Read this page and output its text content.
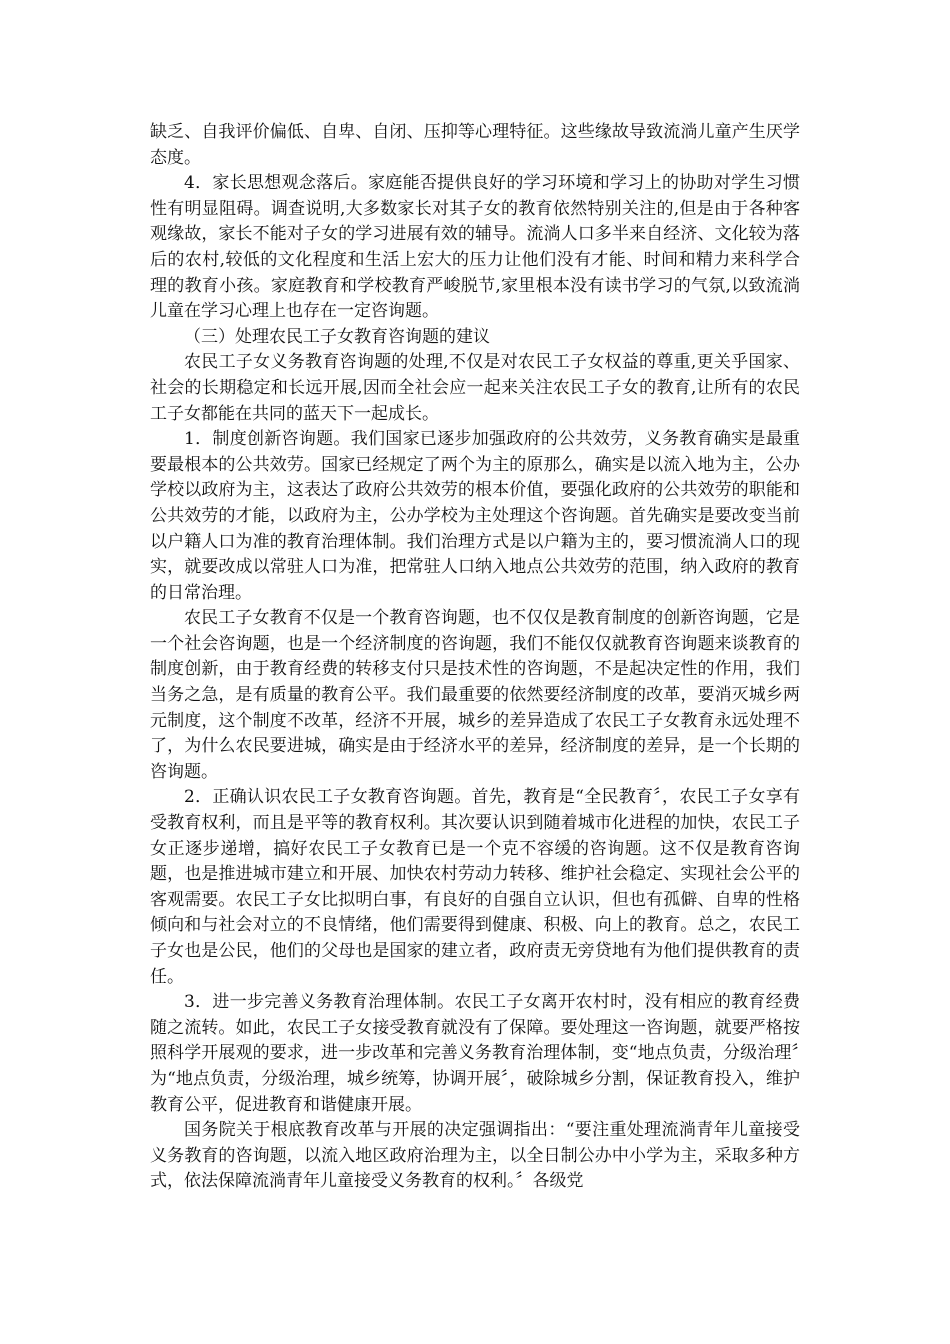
缺乏、自我评价偏低、自卑、自闭、压抑等心理特征。这些缘故导致流淌儿童产生厌学态度。

4．家长思想观念落后。家庭能否提供良好的学习环境和学习上的协助对学生习惯性有明显阻碍。调查说明,大多数家长对其子女的教育依然特别关注的,但是由于各种客观缘故，家长不能对子女的学习进展有效的辅导。流淌人口多半来自经济、文化较为落后的农村,较低的文化程度和生活上宏大的压力让他们没有才能、时间和精力来科学合理的教育小孩。家庭教育和学校教育严峻脱节,家里根本没有读书学习的气氛,以致流淌儿童在学习心理上也存在一定咨询题。

（三）处理农民工子女教育咨询题的建议

农民工子女义务教育咨询题的处理,不仅是对农民工子女权益的尊重,更关乎国家、社会的长期稳定和长远开展,因而全社会应一起来关注农民工子女的教育,让所有的农民工子女都能在共同的蓝天下一起成长。

1．制度创新咨询题。我们国家已逐步加强政府的公共效劳，义务教育确实是最重要最根本的公共效劳。国家已经规定了两个为主的原那么，确实是以流入地为主，公办学校以政府为主，这表达了政府公共效劳的根本价值，要强化政府的公共效劳的职能和公共效劳的才能，以政府为主，公办学校为主处理这个咨询题。首先确实是要改变当前以户籍人口为准的教育治理体制。我们治理方式是以户籍为主的，要习惯流淌人口的现实，就要改成以常驻人口为准，把常驻人口纳入地点公共效劳的范围，纳入政府的教育的日常治理。

农民工子女教育不仅是一个教育咨询题，也不仅仅是教育制度的创新咨询题，它是一个社会咨询题，也是一个经济制度的咨询题，我们不能仅仅就教育咨询题来谈教育的制度创新，由于教育经费的转移支付只是技术性的咨询题，不是起决定性的作用，我们当务之急，是有质量的教育公平。我们最重要的依然要经济制度的改革，要消灭城乡两元制度，这个制度不改革，经济不开展，城乡的差异造成了农民工子女教育永远处理不了，为什么农民要进城，确实是由于经济水平的差异，经济制度的差异，是一个长期的咨询题。

2．正确认识农民工子女教育咨询题。首先，教育是“全民教育〞，农民工子女享有受教育权利，而且是平等的教育权利。其次要认识到随着城市化进程的加快，农民工子女正逐步递增，搞好农民工子女教育已是一个克不容缓的咨询题。这不仅是教育咨询题，也是推进城市建立和开展、加快农村劳动力转移、维护社会稳定、实现社会公平的客观需要。农民工子女比拟明白事，有良好的自强自立认识，但也有孤僻、自卑的性格倾向和与社会对立的不良情绪，他们需要得到健康、积极、向上的教育。总之，农民工子女也是公民，他们的父母也是国家的建立者，政府责无旁贷地有为他们提供教育的责任。

3．进一步完善义务教育治理体制。农民工子女离开农村时，没有相应的教育经费随之流转。如此，农民工子女接受教育就没有了保障。要处理这一咨询题，就要严格按照科学开展观的要求，进一步改革和完善义务教育治理体制，变“地点负责，分级治理〞为“地点负责，分级治理，城乡统筹，协调开展〞，破除城乡分割，保证教育投入，维护教育公平，促进教育和谐健康开展。

国务院关于根底教育改革与开展的决定强调指出：“要注重处理流淌青年儿童接受义务教育的咨询题，以流入地区政府治理为主，以全日制公办中小学为主，采取多种方式，依法保障流淌青年儿童接受义务教育的权利。〞各级党
